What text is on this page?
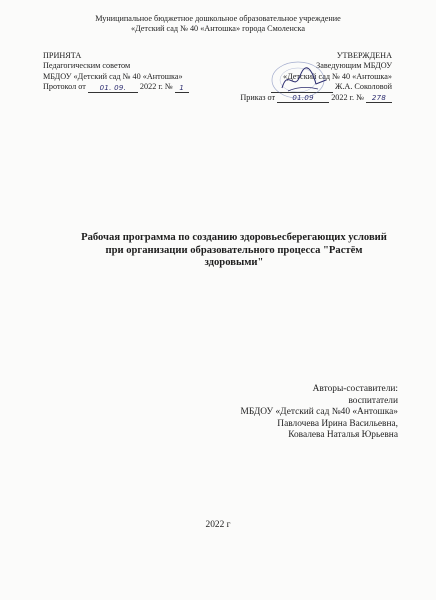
Муниципальное бюджетное дошкольное образовательное учреждение
«Детский сад № 40 «Антошка» города Смоленска
ПРИНЯТА
Педагогическим советом
МБДОУ «Детский сад № 40 «Антошка»
Протокол от 01. 09. 2022 г. № 1
УТВЕРЖДЕНА
Заведующим МБДОУ
«Детский сад № 40 «Антошка»
Ж.А. Соколовой
Приказ от 01.09 2022 г. № 278
Рабочая программа по созданию здоровьесберегающих условий
при организации образовательного процесса "Растём
здоровыми"
Авторы-составители:
воспитатели
МБДОУ «Детский сад №40 «Антошка»
Павлочева Ирина Васильевна,
Ковалева Наталья Юрьевна
2022 г
